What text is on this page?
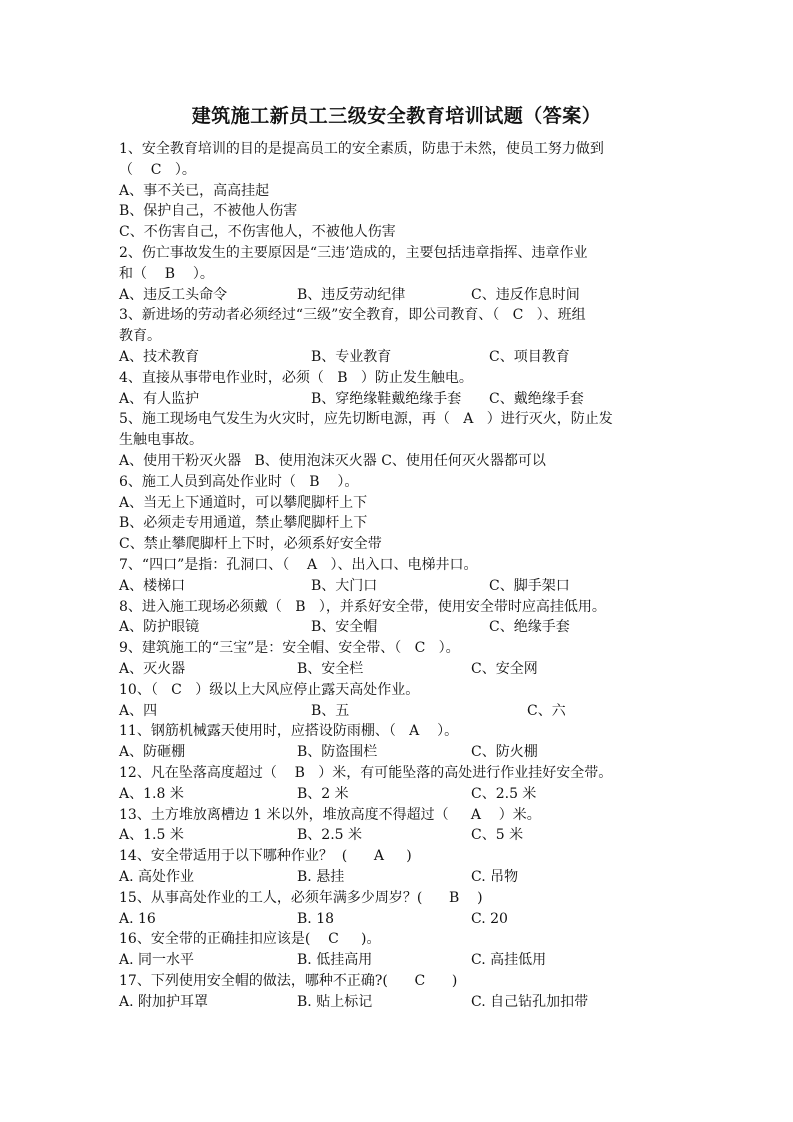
建筑施工新员工三级安全教育培训试题（答案）
1、安全教育培训的目的是提高员工的安全素质，防患于未然，使员工努力做到
（    C   ）。
A、事不关已，高高挂起
B、保护自己，不被他人伤害
C、不伤害自己，不伤害他人，不被他人伤害
2、伤亡事故发生的主要原因是“三违’造成的，主要包括违章指挥、违章作业
和（    B    ）。
A、违反工头命令	B、违反劳动纪律	C、违反作息时间
3、新进场的劳动者必须经过“三级”安全教育，即公司教育、（   C   ）、班组
教育。
A、技术教育	B、专业教育	C、项目教育
4、直接从事带电作业时，必须（   B   ）防止发生触电。
A、有人监护	B、穿绝缘鞋戴绝缘手套 C、戴绝缘手套
5、施工现场电气发生为火灾时，应先切断电源，再（   A   ）进行灭火，防止发
生触电事故。
A、使用干粉灭火器   B、使用泡沫灭火器 C、使用任何灭火器都可以
6、施工人员到高处作业时（   B    ）。
A、当无上下通道时，可以攀爬脚杆上下
B、必须走专用通道，禁止攀爬脚杆上下
C、禁止攀爬脚杆上下时，必须系好安全带
7、“四口”是指：孔洞口、（    A   ）、出入口、电梯井口。
A、楼梯口	B、大门口	C、脚手架口
8、进入施工现场必须戴（   B   ），并系好安全带，使用安全带时应高挂低用。
A、防护眼镜	B、安全帽	C、绝缘手套
9、建筑施工的“三宝”是：安全帽、安全带、（   C   ）。
A、灭火器	B、安全栏	C、安全网
10、（   C   ）级以上大风应停止露天高处作业。
A、四	B、五	C、六
11、钢筋机械露天使用时，应搭设防雨棚、（   A    ）。
A、防砸棚	B、防盗围栏	C、防火棚
12、凡在坠落高度超过（    B   ）米，有可能坠落的高处进行作业挂好安全带。
A、1.8 米	B、2 米	C、2.5 米
13、土方堆放离槽边 1 米以外，堆放高度不得超过（     A    ）米。
A、1.5 米	B、2.5 米	C、5 米
14、安全带适用于以下哪种作业？  (      A     )
A. 高处作业	B. 悬挂	C. 吊物
15、从事高处作业的工人，必须年满多少周岁？(      B    )
A. 16	B. 18	C. 20
16、安全带的正确挂扣应该是(    C     )。
A. 同一水平	B. 低挂高用	C. 高挂低用
17、下列使用安全帽的做法，哪种不正确?(      C      )
A. 附加护耳罩	B. 贴上标记	C. 自己钻孔加扣带
